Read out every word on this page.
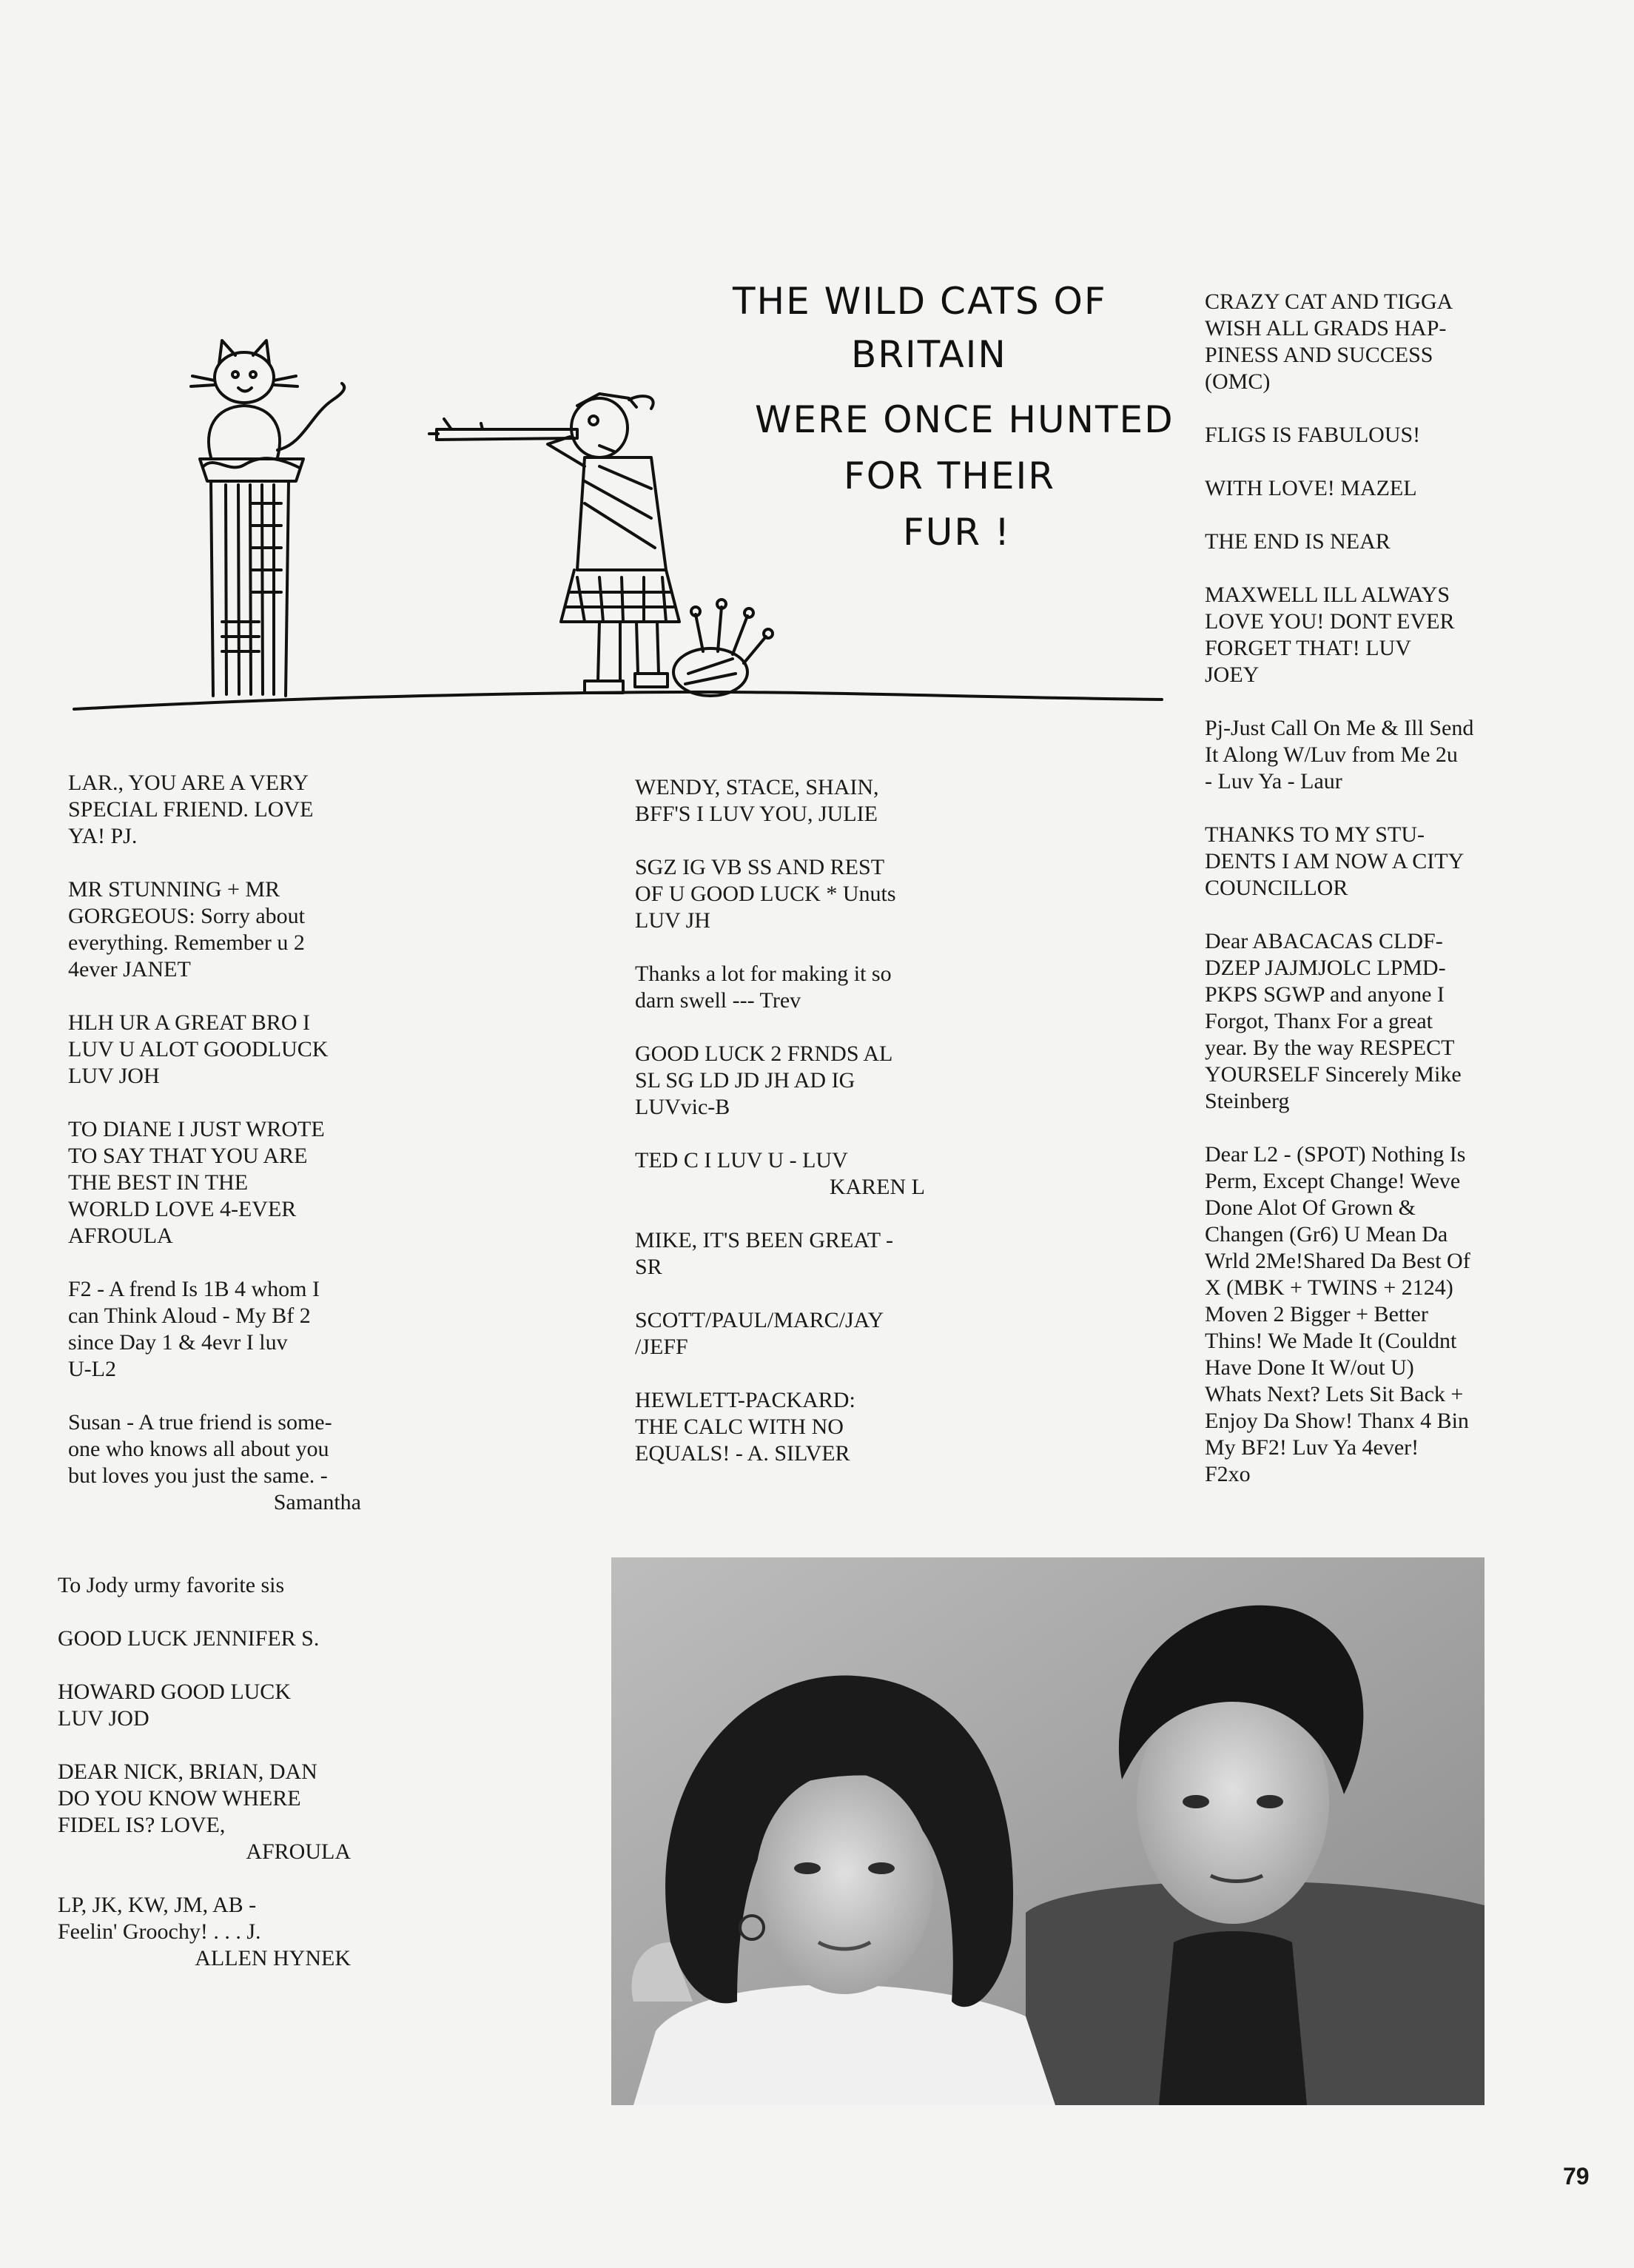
THE WILD CATS OF
BRITAIN
WERE ONCE HUNTED
FOR THEIR
FUR !
CRAZY CAT AND TIGGA
WISH ALL GRADS HAP-
PINESS AND SUCCESS
(OMC)
FLIGS IS FABULOUS!
WITH LOVE! MAZEL
THE END IS NEAR
MAXWELL ILL ALWAYS
LOVE YOU! DONT EVER
FORGET THAT! LUV
JOEY
Pj-Just Call On Me & Ill Send
It Along W/Luv from Me 2u
- Luv Ya - Laur
THANKS TO MY STU-
DENTS I AM NOW A CITY
COUNCILLOR
Dear ABACACAS CLDF-
DZEP JAJMJOLC LPMD-
PKPS SGWP and anyone I
Forgot, Thanx For a great
year. By the way RESPECT
YOURSELF Sincerely Mike
Steinberg
Dear L2 - (SPOT) Nothing Is
Perm, Except Change! Weve
Done Alot Of Grown &
Changen (Gr6) U Mean Da
Wrld 2Me!Shared Da Best Of
X (MBK + TWINS + 2124)
Moven 2 Bigger + Better
Thins! We Made It (Couldnt
Have Done It W/out U)
Whats Next? Lets Sit Back +
Enjoy Da Show! Thanx 4 Bin
My BF2! Luv Ya 4ever!
F2xo
LAR., YOU ARE A VERY
SPECIAL FRIEND. LOVE
YA! PJ.
MR STUNNING + MR
GORGEOUS: Sorry about
everything. Remember u 2
4ever JANET
HLH UR A GREAT BRO I
LUV U ALOT GOODLUCK
LUV JOH
TO DIANE I JUST WROTE
TO SAY THAT YOU ARE
THE BEST IN THE
WORLD LOVE 4-EVER
AFROULA
F2 - A frend Is 1B 4 whom I
can Think Aloud - My Bf 2
since Day 1 & 4evr I luv
U-L2
Susan - A true friend is some-
one who knows all about you
but loves you just the same. -
Samantha
To Jody urmy favorite sis
GOOD LUCK JENNIFER S.
HOWARD GOOD LUCK
LUV JOD
DEAR NICK, BRIAN, DAN
DO YOU KNOW WHERE
FIDEL IS? LOVE,
AFROULA
LP, JK, KW, JM, AB -
Feelin' Groochy! . . . J.
ALLEN HYNEK
WENDY, STACE, SHAIN,
BFF'S I LUV YOU, JULIE
SGZ IG VB SS AND REST
OF U GOOD LUCK * Unuts
LUV JH
Thanks a lot for making it so
darn swell --- Trev
GOOD LUCK 2 FRNDS AL
SL SG LD JD JH AD IG
LUVvic-B
TED C I LUV U - LUV
KAREN L
MIKE, IT'S BEEN GREAT -
SR
SCOTT/PAUL/MARC/JAY
/JEFF
HEWLETT-PACKARD:
THE CALC WITH NO
EQUALS! - A. SILVER
79
